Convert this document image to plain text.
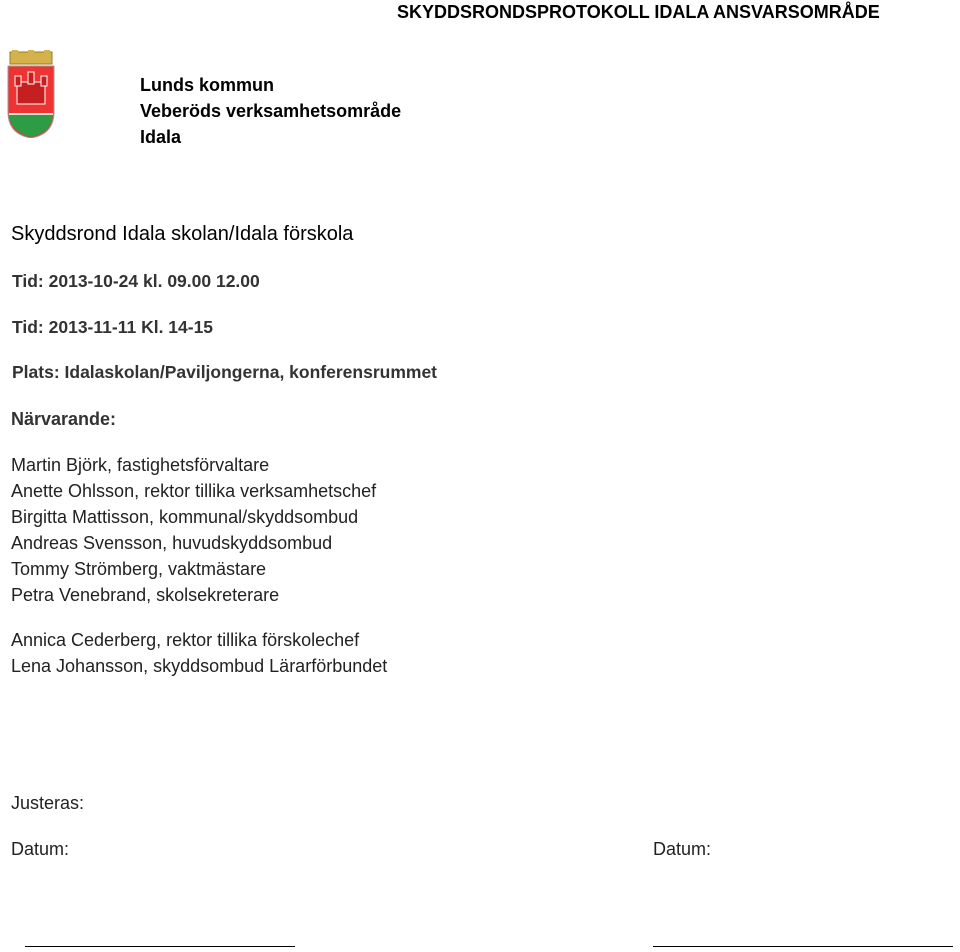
SKYDDSRONDSPROTOKOLL IDALA ANSVARSOMRÅDE
Lunds kommun
Veberöds verksamhetsområde
Idala
Skyddsrond Idala skolan/Idala förskola
Tid: 2013-10-24 kl. 09.00 12.00
Tid: 2013-11-11 Kl. 14-15
Plats: Idalaskolan/Paviljongerna, konferensrummet
Närvarande:
Martin Björk, fastighetsförvaltare
Anette Ohlsson, rektor tillika verksamhetschef
Birgitta Mattisson, kommunal/skyddsombud
Andreas Svensson, huvudskyddsombud
Tommy Strömberg, vaktmästare
Petra Venebrand, skolsekreterare
Annica Cederberg, rektor tillika förskolechef
Lena Johansson, skyddsombud Lärarförbundet
Justeras:
Datum:	Datum:
